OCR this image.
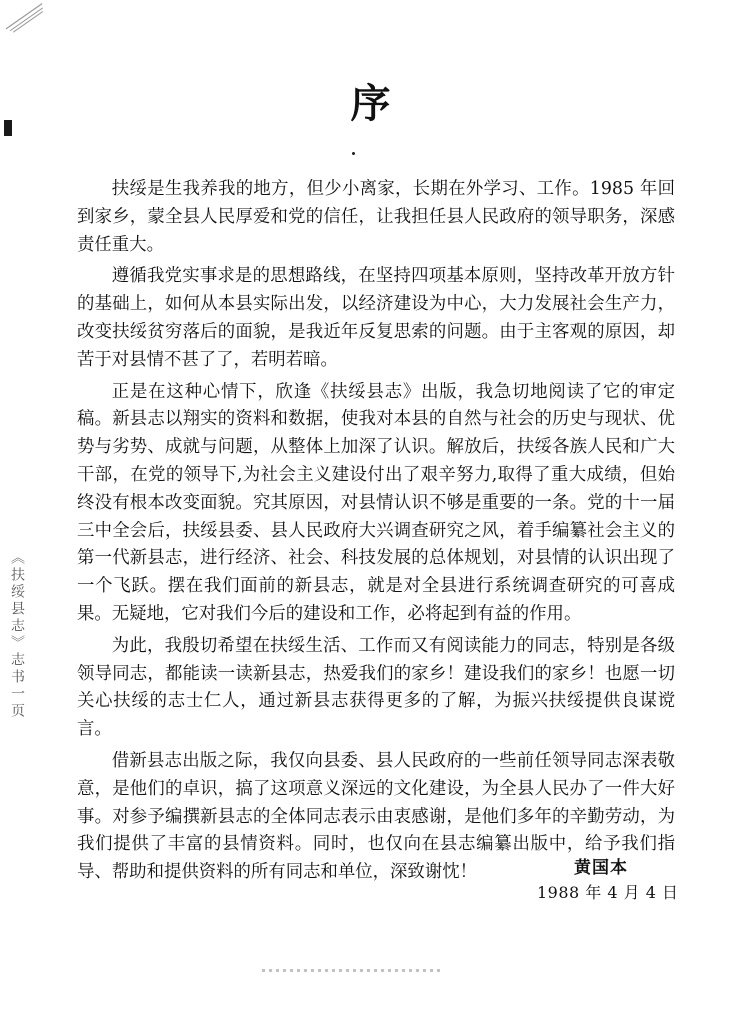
序

扶绥是生我养我的地方，但少小离家，长期在外学习、工作。1985 年回到家乡，蒙全县人民厚爱和党的信任，让我担任县人民政府的领导职务，深感责任重大。

遵循我党实事求是的思想路线，在坚持四项基本原则，坚持改革开放方针的基础上，如何从本县实际出发，以经济建设为中心，大力发展社会生产力，改变扶绥贫穷落后的面貌，是我近年反复思索的问题。由于主客观的原因，却苦于对县情不甚了了，若明若暗。

正是在这种心情下，欣逢《扶绥县志》出版，我急切地阅读了它的审定稿。新县志以翔实的资料和数据，使我对本县的自然与社会的历史与现状、优势与劣势、成就与问题，从整体上加深了认识。解放后，扶绥各族人民和广大干部，在党的领导下,为社会主义建设付出了艰辛努力,取得了重大成绩，但始终没有根本改变面貌。究其原因，对县情认识不够是重要的一条。党的十一届三中全会后，扶绥县委、县人民政府大兴调查研究之风，着手编纂社会主义的第一代新县志，进行经济、社会、科技发展的总体规划，对县情的认识出现了一个飞跃。摆在我们面前的新县志，就是对全县进行系统调查研究的可喜成果。无疑地，它对我们今后的建设和工作，必将起到有益的作用。

为此，我殷切希望在扶绥生活、工作而又有阅读能力的同志，特别是各级领导同志，都能读一读新县志，热爱我们的家乡！建设我们的家乡！也愿一切关心扶绥的志士仁人，通过新县志获得更多的了解，为振兴扶绥提供良谋谠言。

借新县志出版之际，我仅向县委、县人民政府的一些前任领导同志深表敬意，是他们的卓识，搞了这项意义深远的文化建设，为全县人民办了一件大好事。对参予编撰新县志的全体同志表示由衷感谢，是他们多年的辛勤劳动，为我们提供了丰富的县情资料。同时，也仅向在县志编纂出版中，给予我们指导、帮助和提供资料的所有同志和单位，深致谢忱！	黄国本
1988 年 4 月 4 日
《扶绥县志》志书一页
